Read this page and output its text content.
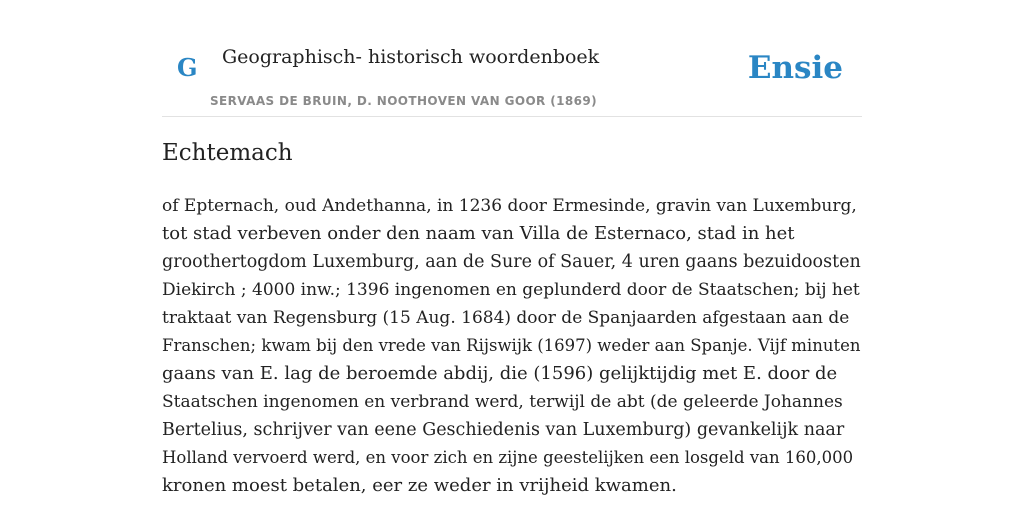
G Geographisch- historisch woordenboek
SERVAAS DE BRUIN, D. NOOTHOVEN VAN GOOR (1869)
Ensie
Echtemach

of Epternach, oud Andethanna, in 1236 door Ermesinde, gravin van Luxemburg,
tot stad verbeven onder den naam van Villa de Esternaco, stad in het
groothertogdom Luxemburg, aan de Sure of Sauer, 4 uren gaans bezuidoosten
Diekirch ; 4000 inw.; 1396 ingenomen en geplunderd door de Staatschen; bij het
traktaat van Regensburg (15 Aug. 1684) door de Spanjaarden afgestaan aan de
Franschen; kwam bij den vrede van Rijswijk (1697) weder aan Spanje. Vijf minuten
gaans van E. lag de beroemde abdij, die (1596) gelijktijdig met E. door de
Staatschen ingenomen en verbrand werd, terwijl de abt (de geleerde Johannes
Bertelius, schrijver van eene Geschiedenis van Luxemburg) gevankelijk naar
Holland vervoerd werd, en voor zich en zijne geestelijken een losgeld van 160,000
kronen moest betalen, eer ze weder in vrijheid kwamen.
